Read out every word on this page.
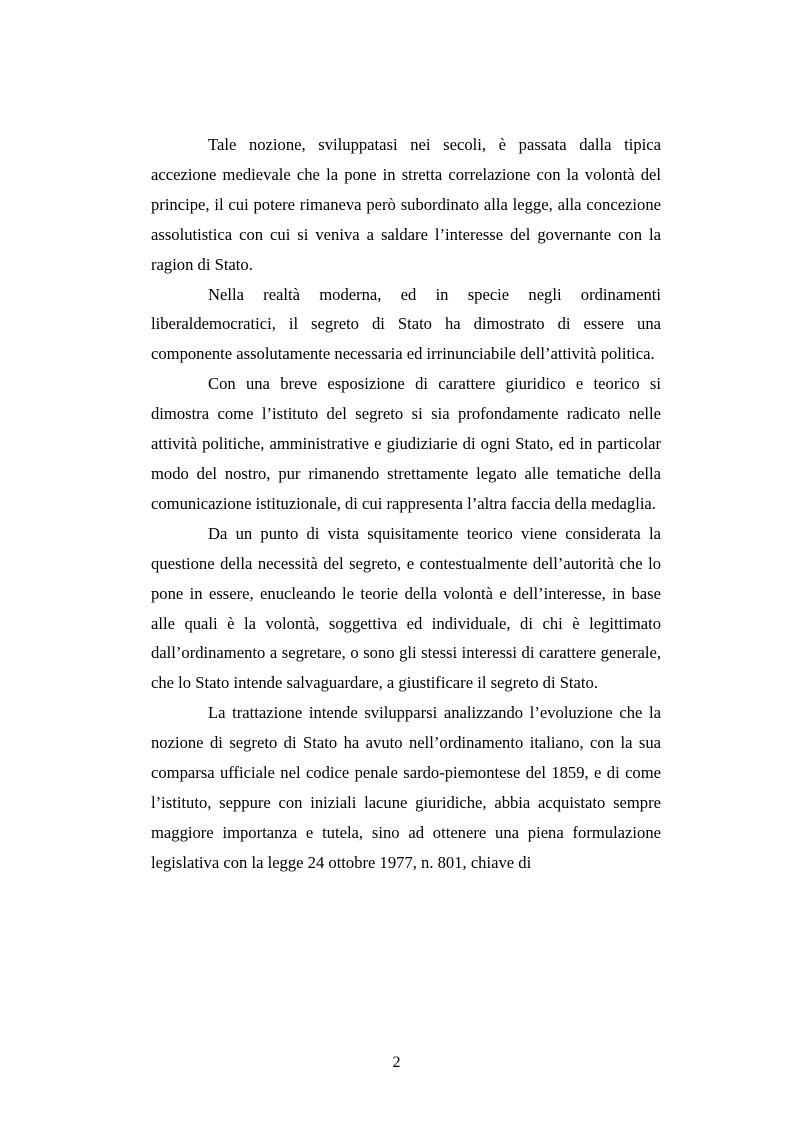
Tale nozione, sviluppatasi nei secoli, è passata dalla tipica accezione medievale che la pone in stretta correlazione con la volontà del principe, il cui potere rimaneva però subordinato alla legge, alla concezione assolutistica con cui si veniva a saldare l’interesse del governante con la ragion di Stato.

Nella realtà moderna, ed in specie negli ordinamenti liberaldemocratici, il segreto di Stato ha dimostrato di essere una componente assolutamente necessaria ed irrinunciabile dell’attività politica.

Con una breve esposizione di carattere giuridico e teorico si dimostra come l’istituto del segreto si sia profondamente radicato nelle attività politiche, amministrative e giudiziarie di ogni Stato, ed in particolar modo del nostro, pur rimanendo strettamente legato alle tematiche della comunicazione istituzionale, di cui rappresenta l’altra faccia della medaglia.

Da un punto di vista squisitamente teorico viene considerata la questione della necessità del segreto, e contestualmente dell’autorità che lo pone in essere, enucleando le teorie della volontà e dell’interesse, in base alle quali è la volontà, soggettiva ed individuale, di chi è legittimato dall’ordinamento a segretare, o sono gli stessi interessi di carattere generale, che lo Stato intende salvaguardare, a giustificare il segreto di Stato.

La trattazione intende svilupparsi analizzando l’evoluzione che la nozione di segreto di Stato ha avuto nell’ordinamento italiano, con la sua comparsa ufficiale nel codice penale sardo-piemontese del 1859, e di come l’istituto, seppure con iniziali lacune giuridiche, abbia acquistato sempre maggiore importanza e tutela, sino ad ottenere una piena formulazione legislativa con la legge 24 ottobre 1977, n. 801, chiave di

2
